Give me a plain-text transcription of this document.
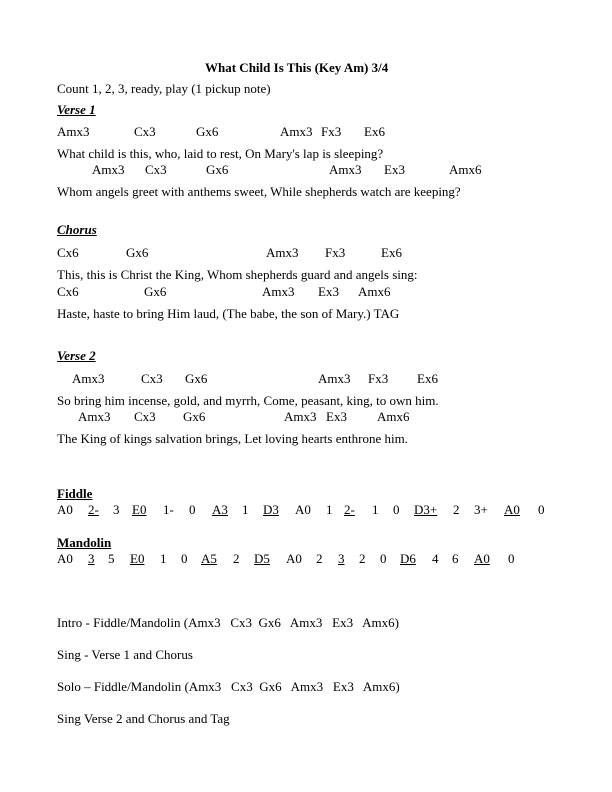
What Child Is This (Key Am) 3/4
Count 1, 2, 3, ready, play (1 pickup note)
Verse 1
Amx3	Cx3	Gx6	Amx3 Fx3 Ex6
What child is this, who, laid to rest, On Mary's lap is sleeping?
Amx3 Cx3	Gx6	Amx3 Ex3	Amx6
Whom angels greet with anthems sweet, While shepherds watch are keeping?
Chorus
Cx6	Gx6	Amx3 Fx3	Ex6
This, this is Christ the King, Whom shepherds guard and angels sing:
Cx6	Gx6	Amx3 Ex3 Amx6
Haste, haste to bring Him laud, (The babe, the son of Mary.) TAG
Verse 2
Amx3	Cx3 Gx6	Amx3 Fx3 Ex6
So bring him incense, gold, and myrrh, Come, peasant, king, to own him.
Amx3 Cx3 Gx6	Amx3 Ex3 Amx6
The King of kings salvation brings, Let loving hearts enthrone him.
Fiddle
A0 2- 3 E0 1- 0 A3 1 D3 A0 1 2- 1 0 D3+ 2 3+ A0 0
Mandolin
A0 3 5 E0 1 0 A5 2 D5 A0 2 3 2 0 D6 4 6 A0 0
Intro - Fiddle/Mandolin (Amx3   Cx3  Gx6   Amx3   Ex3   Amx6)
Sing - Verse 1 and Chorus
Solo – Fiddle/Mandolin (Amx3   Cx3  Gx6   Amx3   Ex3   Amx6)
Sing Verse 2 and Chorus and Tag
